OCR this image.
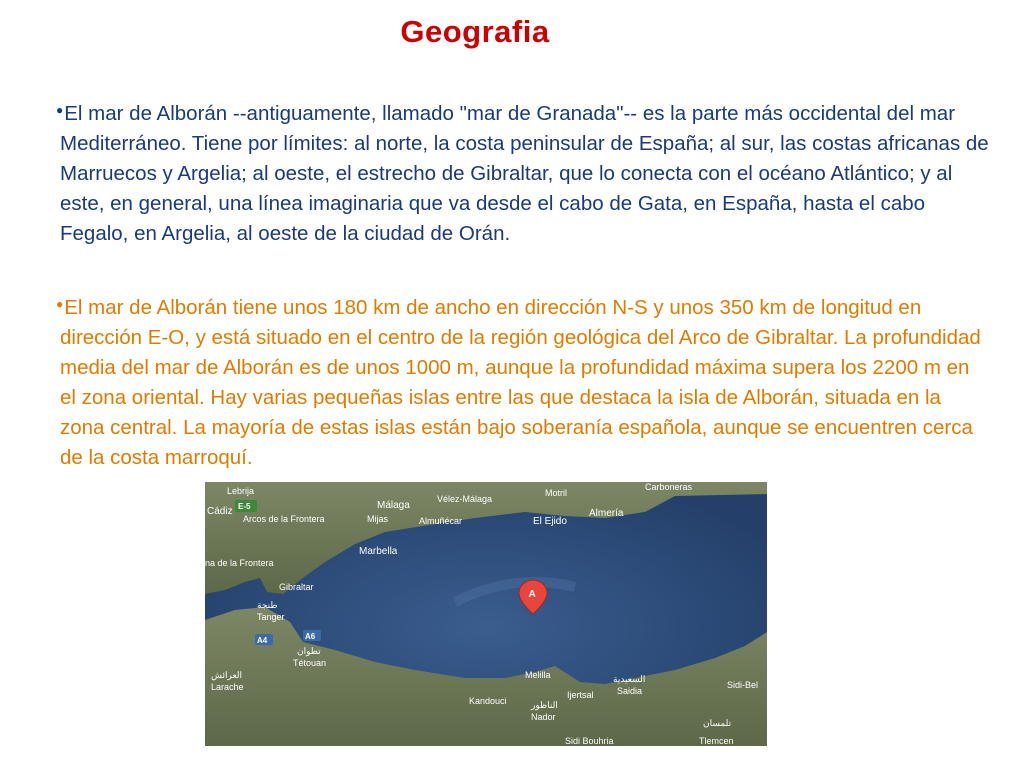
Geografia

●El mar de Alborán --antiguamente, llamado "mar de Granada"-- es la parte más occidental del mar Mediterráneo. Tiene por límites: al norte, la costa peninsular de España; al sur, las costas africanas de Marruecos y Argelia; al oeste, el estrecho de Gibraltar, que lo conecta con el océano Atlántico; y al este, en general, una línea imaginaria que va desde el cabo de Gata, en España, hasta el cabo Fegalo, en Argelia, al oeste de la ciudad de Orán.

●El mar de Alborán tiene unos 180 km de ancho en dirección N-S y unos 350 km de longitud en dirección E-O, y está situado en el centro de la región geológica del Arco de Gibraltar. La profundidad media del mar de Alborán es de unos 1000 m, aunque la profundidad máxima supera los 2200 m en el zona oriental. Hay varias pequeñas islas entre las que destaca la isla de Alborán, situada en la zona central. La mayoría de estas islas están bajo soberanía española, aunque se encuentren cerca de la costa marroquí.

Lebrija
Málaga
Vélez-Málaga
Motril
Carboneras
Cádiz
Arcos de la Frontera	Mijas	Almuñécar	El Ejido
Almería
Marbella
na de la Frontera
Gibraltar
طنجة
Tanger
تطوان
Tétouan
العرائش
Larache
Melilla
Kandouci	الناظور
Nador
Ijertsal
السعيدية
Saidia
Sidi-Bel
Sidi Bouhria
تلمسان
Tlemcen
E-5
A4	A6
A
